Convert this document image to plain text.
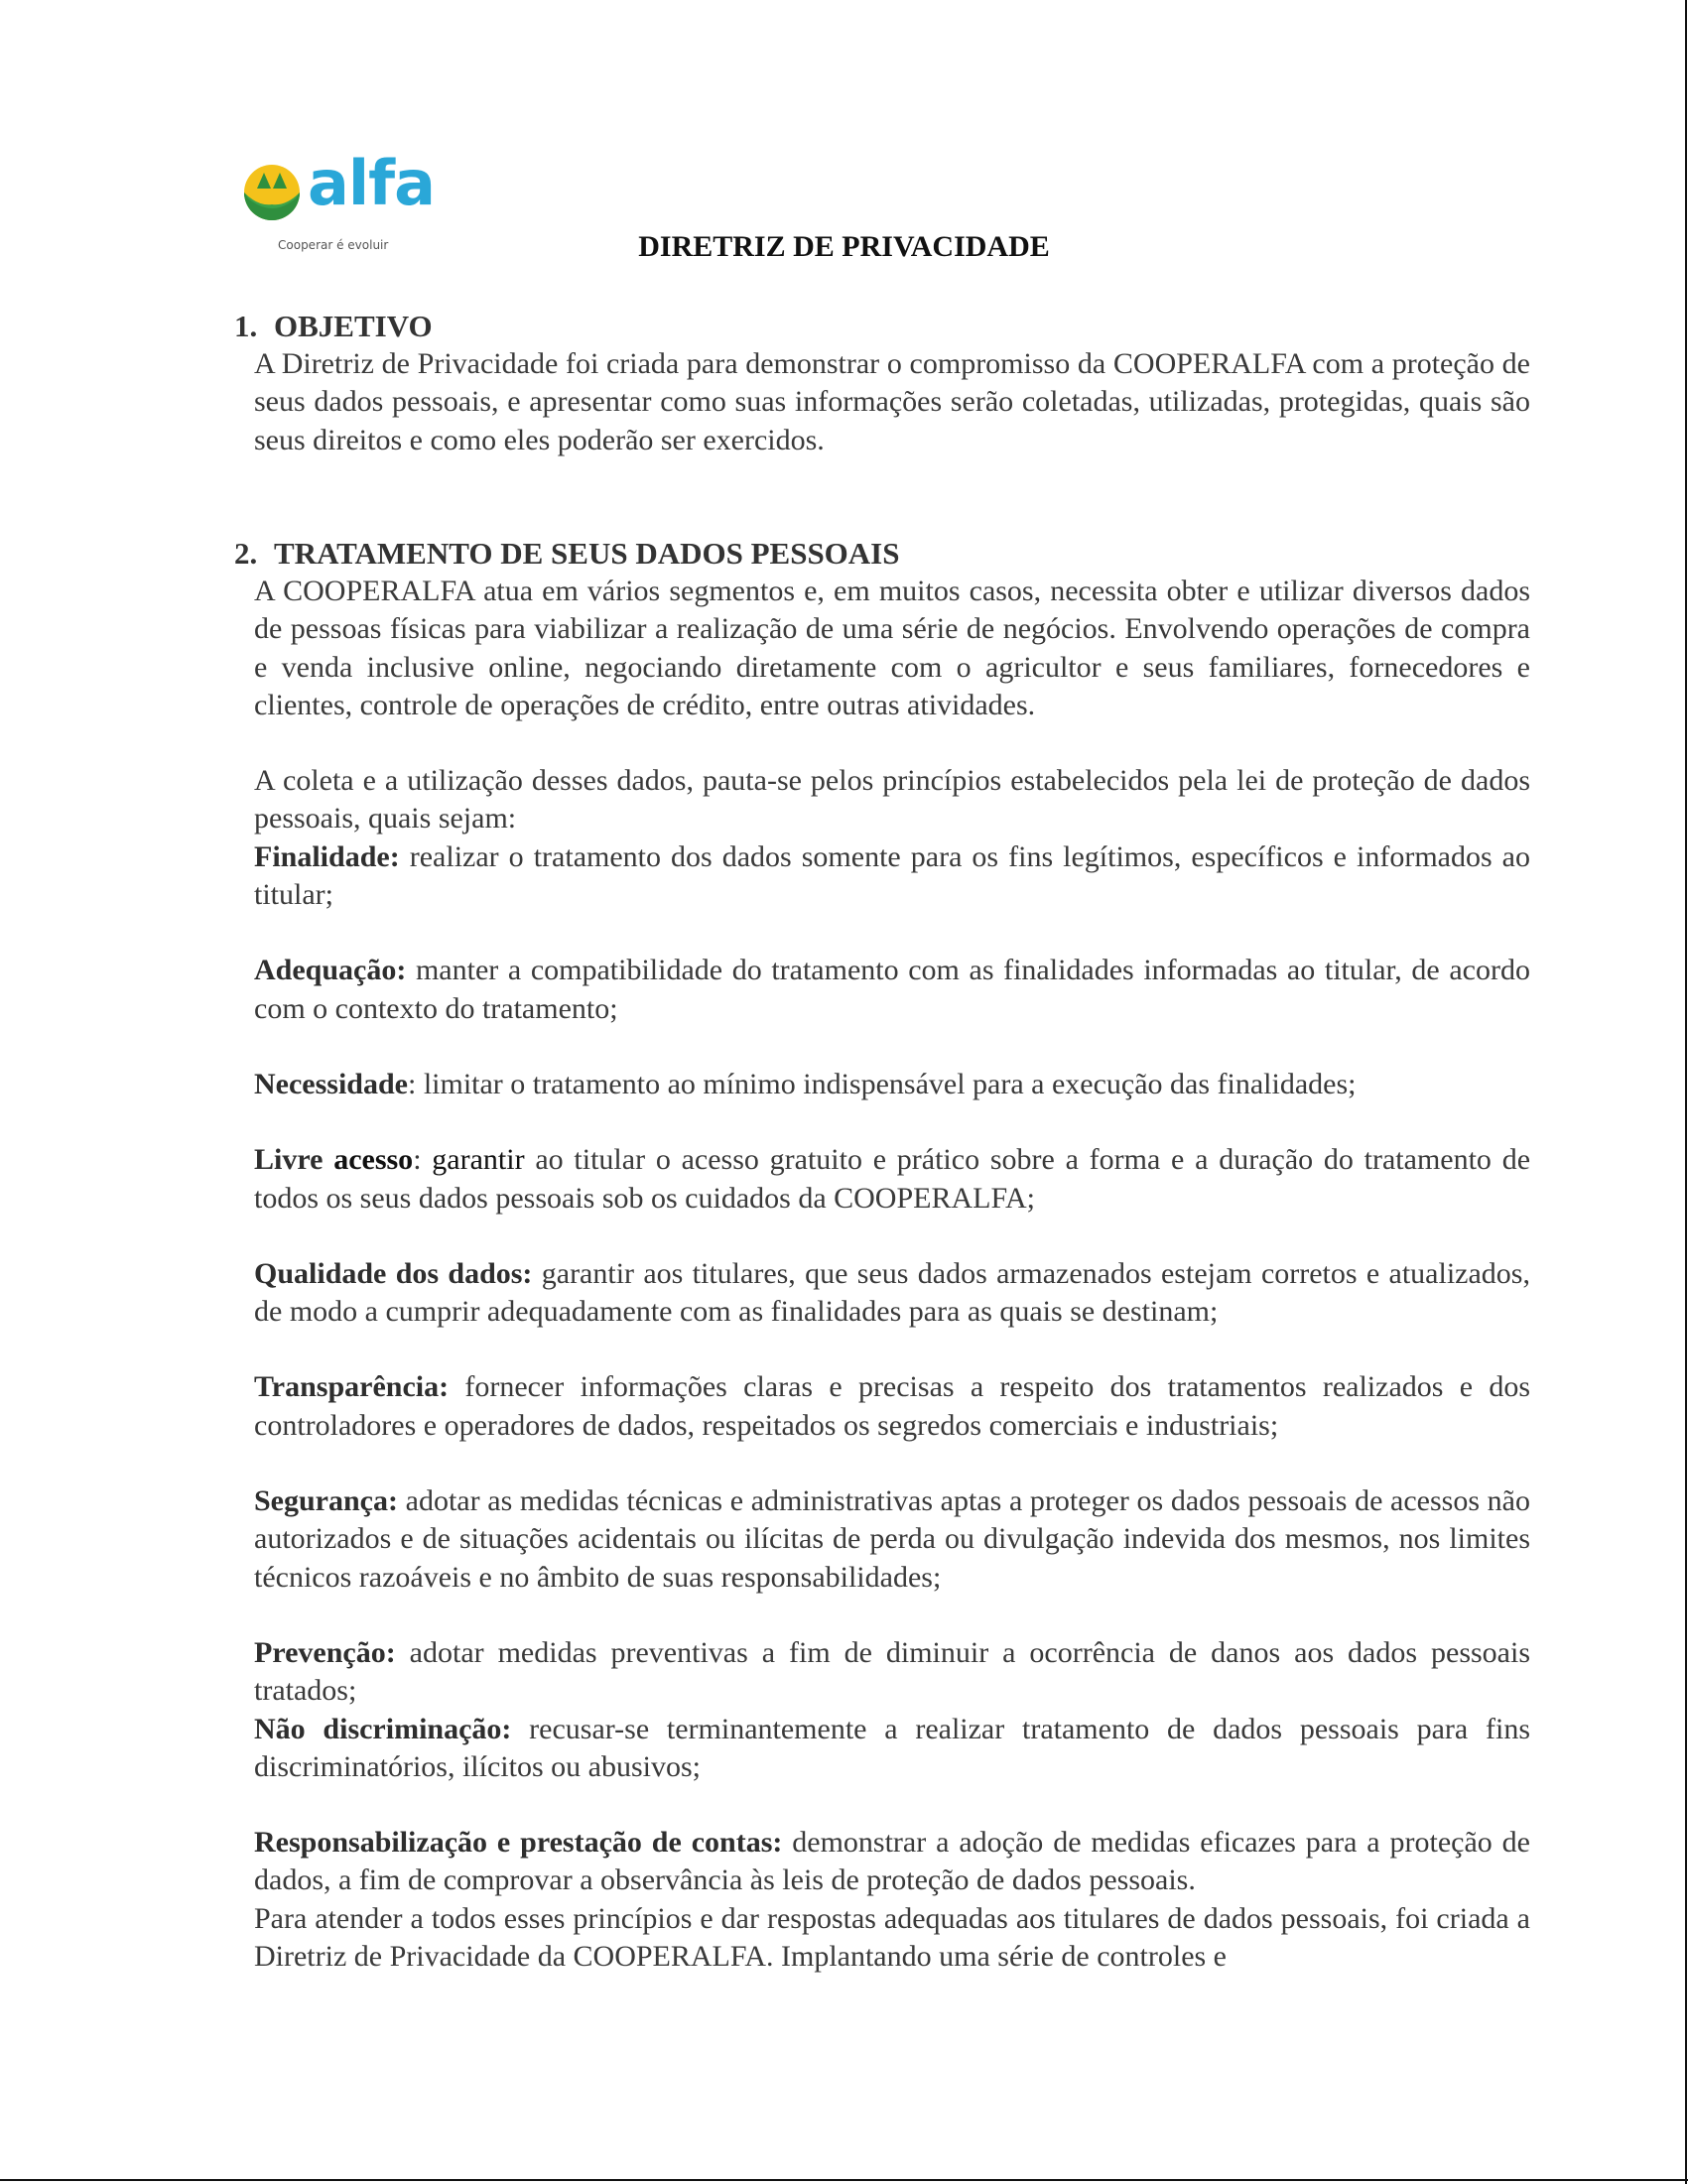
alfa
Cooperar é evoluir	DIRETRIZ DE PRIVACIDADE
1. OBJETIVO

A Diretriz de Privacidade foi criada para demonstrar o compromisso da COOPERALFA com a proteção de seus dados pessoais, e apresentar como suas informações serão coletadas, utilizadas, protegidas, quais são seus direitos e como eles poderão ser exercidos.

2. TRATAMENTO DE SEUS DADOS PESSOAIS

A COOPERALFA atua em vários segmentos e, em muitos casos, necessita obter e utilizar diversos dados de pessoas físicas para viabilizar a realização de uma série de negócios. Envolvendo operações de compra e venda inclusive online, negociando diretamente com o agricultor e seus familiares, fornecedores e clientes, controle de operações de crédito, entre outras atividades.

A coleta e a utilização desses dados, pauta-se pelos princípios estabelecidos pela lei de proteção de dados pessoais, quais sejam:

Finalidade: realizar o tratamento dos dados somente para os fins legítimos, específicos e informados ao titular;

Adequação: manter a compatibilidade do tratamento com as finalidades informadas ao titular, de acordo com o contexto do tratamento;

Necessidade: limitar o tratamento ao mínimo indispensável para a execução das finalidades;

Livre acesso: garantir ao titular o acesso gratuito e prático sobre a forma e a duração do tratamento de todos os seus dados pessoais sob os cuidados da COOPERALFA;

Qualidade dos dados: garantir aos titulares, que seus dados armazenados estejam corretos e atualizados, de modo a cumprir adequadamente com as finalidades para as quais se destinam;

Transparência: fornecer informações claras e precisas a respeito dos tratamentos realizados e dos controladores e operadores de dados, respeitados os segredos comerciais e industriais;

Segurança: adotar as medidas técnicas e administrativas aptas a proteger os dados pessoais de acessos não autorizados e de situações acidentais ou ilícitas de perda ou divulgação indevida dos mesmos, nos limites técnicos razoáveis e no âmbito de suas responsabilidades;

Prevenção: adotar medidas preventivas a fim de diminuir a ocorrência de danos aos dados pessoais tratados;

Não discriminação: recusar-se terminantemente a realizar tratamento de dados pessoais para fins discriminatórios, ilícitos ou abusivos;

Responsabilização e prestação de contas: demonstrar a adoção de medidas eficazes para a proteção de dados, a fim de comprovar a observância às leis de proteção de dados pessoais.

Para atender a todos esses princípios e dar respostas adequadas aos titulares de dados pessoais, foi criada a Diretriz de Privacidade da COOPERALFA. Implantando uma série de controles e
